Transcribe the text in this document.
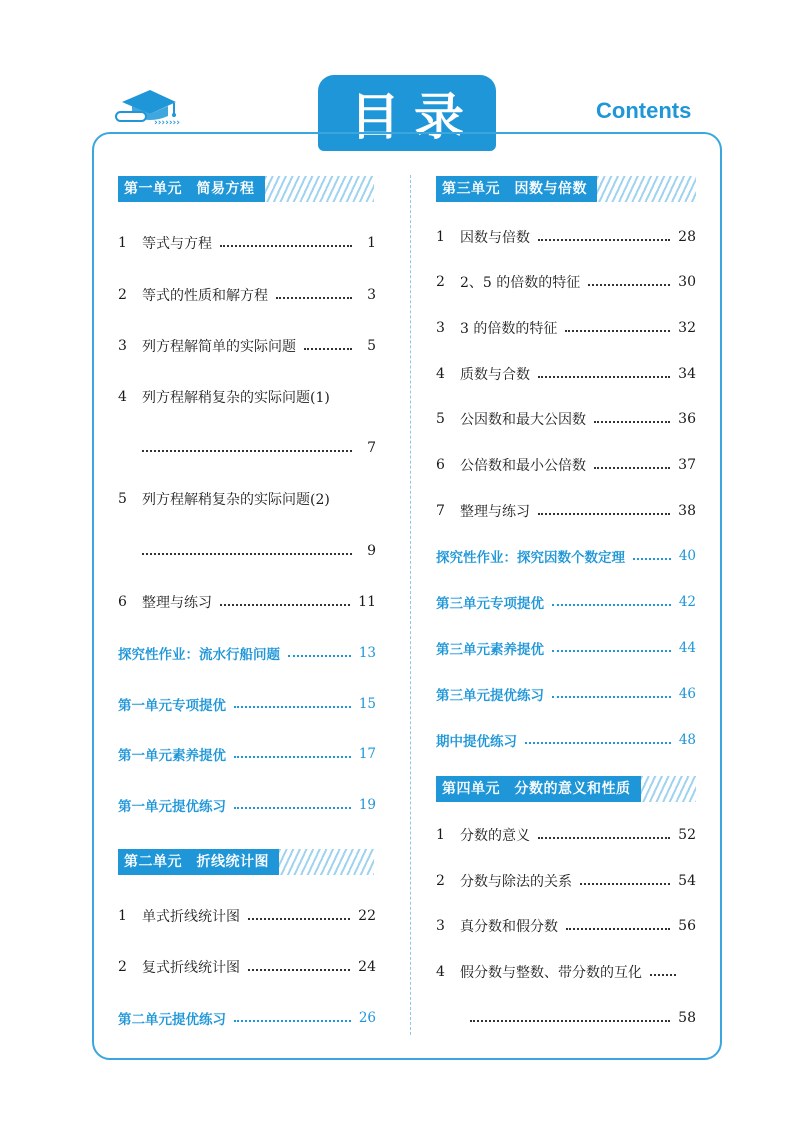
›››››››	目录	Contents
第一单元　简易方程
1	等式与方程	1
2	等式的性质和解方程	3
3	列方程解简单的实际问题	5
4	列方程解稍复杂的实际问题(1)
7
5	列方程解稍复杂的实际问题(2)
9
6	整理与练习	11
探究性作业：流水行船问题	13
第一单元专项提优	15
第一单元素养提优	17
第一单元提优练习	19
第二单元　折线统计图
1	单式折线统计图	22
2	复式折线统计图	24
第二单元提优练习	26
第三单元　因数与倍数
1	因数与倍数	28
2	2、5 的倍数的特征	30
3	3 的倍数的特征	32
4	质数与合数	34
5	公因数和最大公因数	36
6	公倍数和最小公倍数	37
7	整理与练习	38
探究性作业：探究因数个数定理	40
第三单元专项提优	42
第三单元素养提优	44
第三单元提优练习	46
期中提优练习	48
第四单元　分数的意义和性质
1	分数的意义	52
2	分数与除法的关系	54
3	真分数和假分数	56
4	假分数与整数、带分数的互化
58
